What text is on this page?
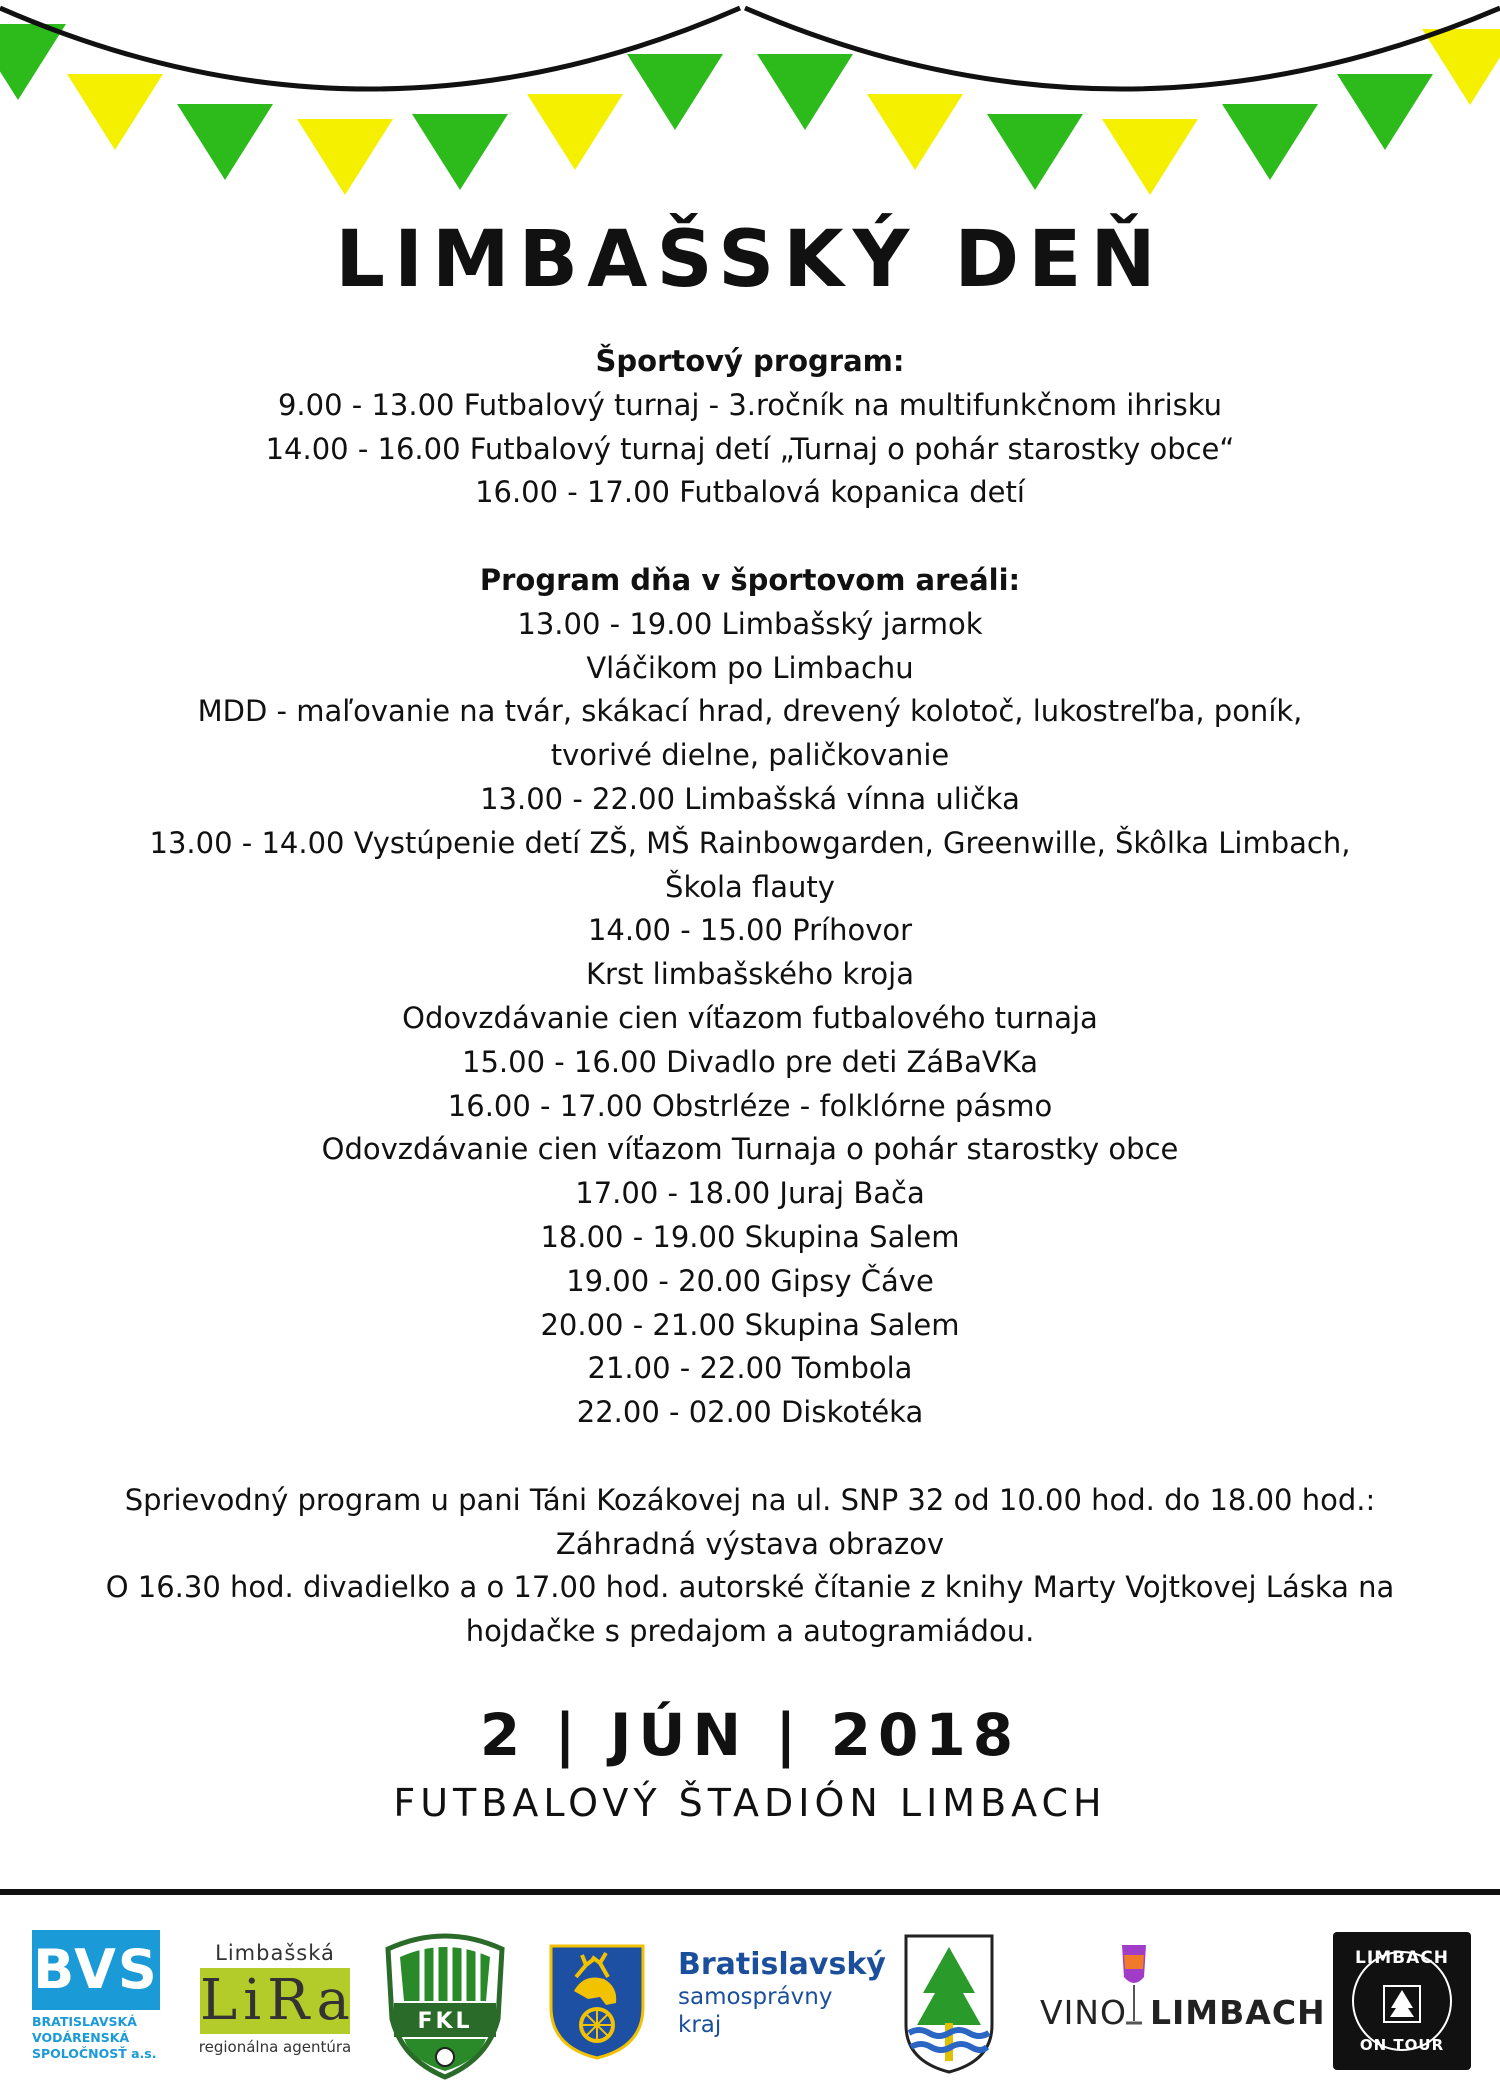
LIMBAŠSKÝ DEŇ
Športový program:
9.00 - 13.00 Futbalový turnaj - 3.ročník na multifunkčnom ihrisku
14.00 - 16.00 Futbalový turnaj detí „Turnaj o pohár starostky obce“
16.00 - 17.00 Futbalová kopanica detí
Program dňa v športovom areáli:
13.00 - 19.00 Limbašský jarmok
Vláčikom po Limbachu
MDD - maľovanie na tvár, skákací hrad, drevený kolotoč, lukostreľba, poník,
tvorivé dielne, paličkovanie
13.00 - 22.00 Limbašská vínna ulička
13.00 - 14.00 Vystúpenie detí ZŠ, MŠ Rainbowgarden, Greenwille, Škôlka Limbach,
Škola flauty
14.00 - 15.00 Príhovor
Krst limbašského kroja
Odovzdávanie cien víťazom futbalového turnaja
15.00 - 16.00 Divadlo pre deti ZáBaVKa
16.00 - 17.00 Obstrléze - folklórne pásmo
Odovzdávanie cien víťazom Turnaja o pohár starostky obce
17.00 - 18.00 Juraj Bača
18.00 - 19.00 Skupina Salem
19.00 - 20.00 Gipsy Čáve
20.00 - 21.00 Skupina Salem
21.00 - 22.00 Tombola
22.00 - 02.00 Diskotéka
Sprievodný program u pani Táni Kozákovej na ul. SNP 32 od 10.00 hod. do 18.00 hod.:
Záhradná výstava obrazov
O 16.30 hod. divadielko a o 17.00 hod. autorské čítanie z knihy Marty Vojtkovej Láska na
hojdačke s predajom a autogramiádou.
2 | JÚN | 2018
FUTBALOVÝ ŠTADIÓN LIMBACH
BVS
BRATISLAVSKÁ
VODÁRENSKÁ
SPOLOČNOSŤ a.s.
Limbašská
LiRa
regionálna agentúra
FKL
Bratislavský
samosprávny
kraj	VINO LIMBACH
LIMBACH
ON TOUR
